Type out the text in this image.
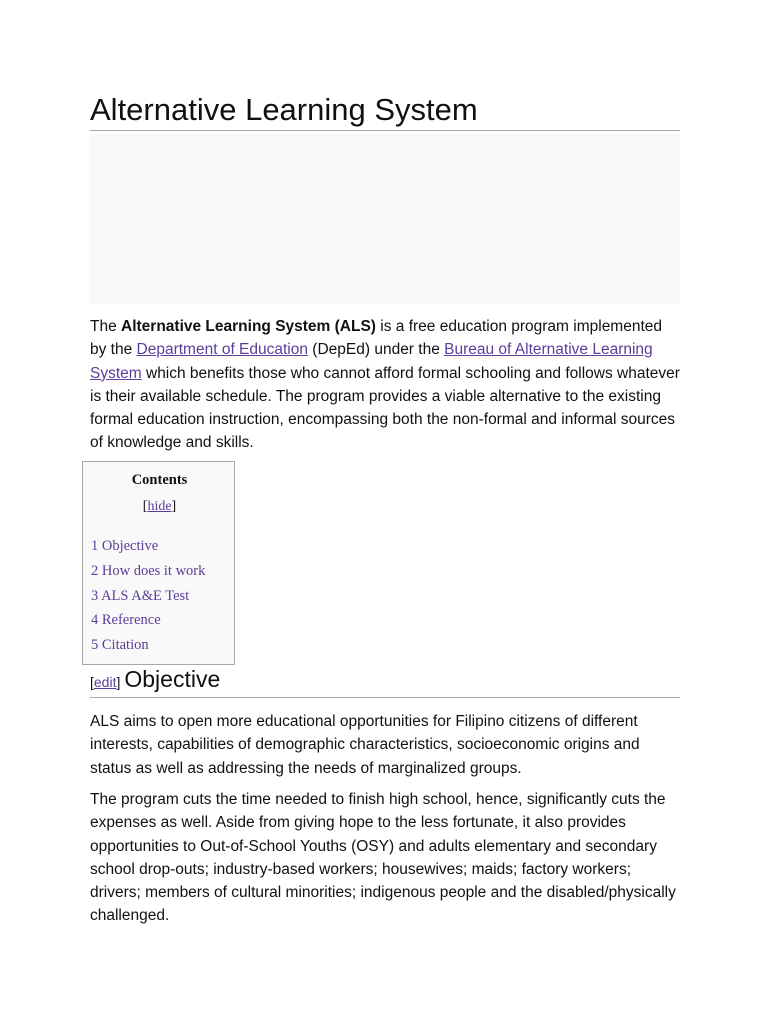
Alternative Learning System

The Alternative Learning System (ALS) is a free education program implemented by the Department of Education (DepEd) under the Bureau of Alternative Learning System which benefits those who cannot afford formal schooling and follows whatever is their available schedule. The program provides a viable alternative to the existing formal education instruction, encompassing both the non-formal and informal sources of knowledge and skills.

Contents
[hide]
1 Objective
2 How does it work
3 ALS A&E Test
4 Reference
5 Citation
[edit] Objective

ALS aims to open more educational opportunities for Filipino citizens of different interests, capabilities of demographic characteristics, socioeconomic origins and status as well as addressing the needs of marginalized groups.

The program cuts the time needed to finish high school, hence, significantly cuts the expenses as well. Aside from giving hope to the less fortunate, it also provides opportunities to Out-of-School Youths (OSY) and adults elementary and secondary school drop-outs; industry-based workers; housewives; maids; factory workers; drivers; members of cultural minorities; indigenous people and the disabled/physically challenged.
